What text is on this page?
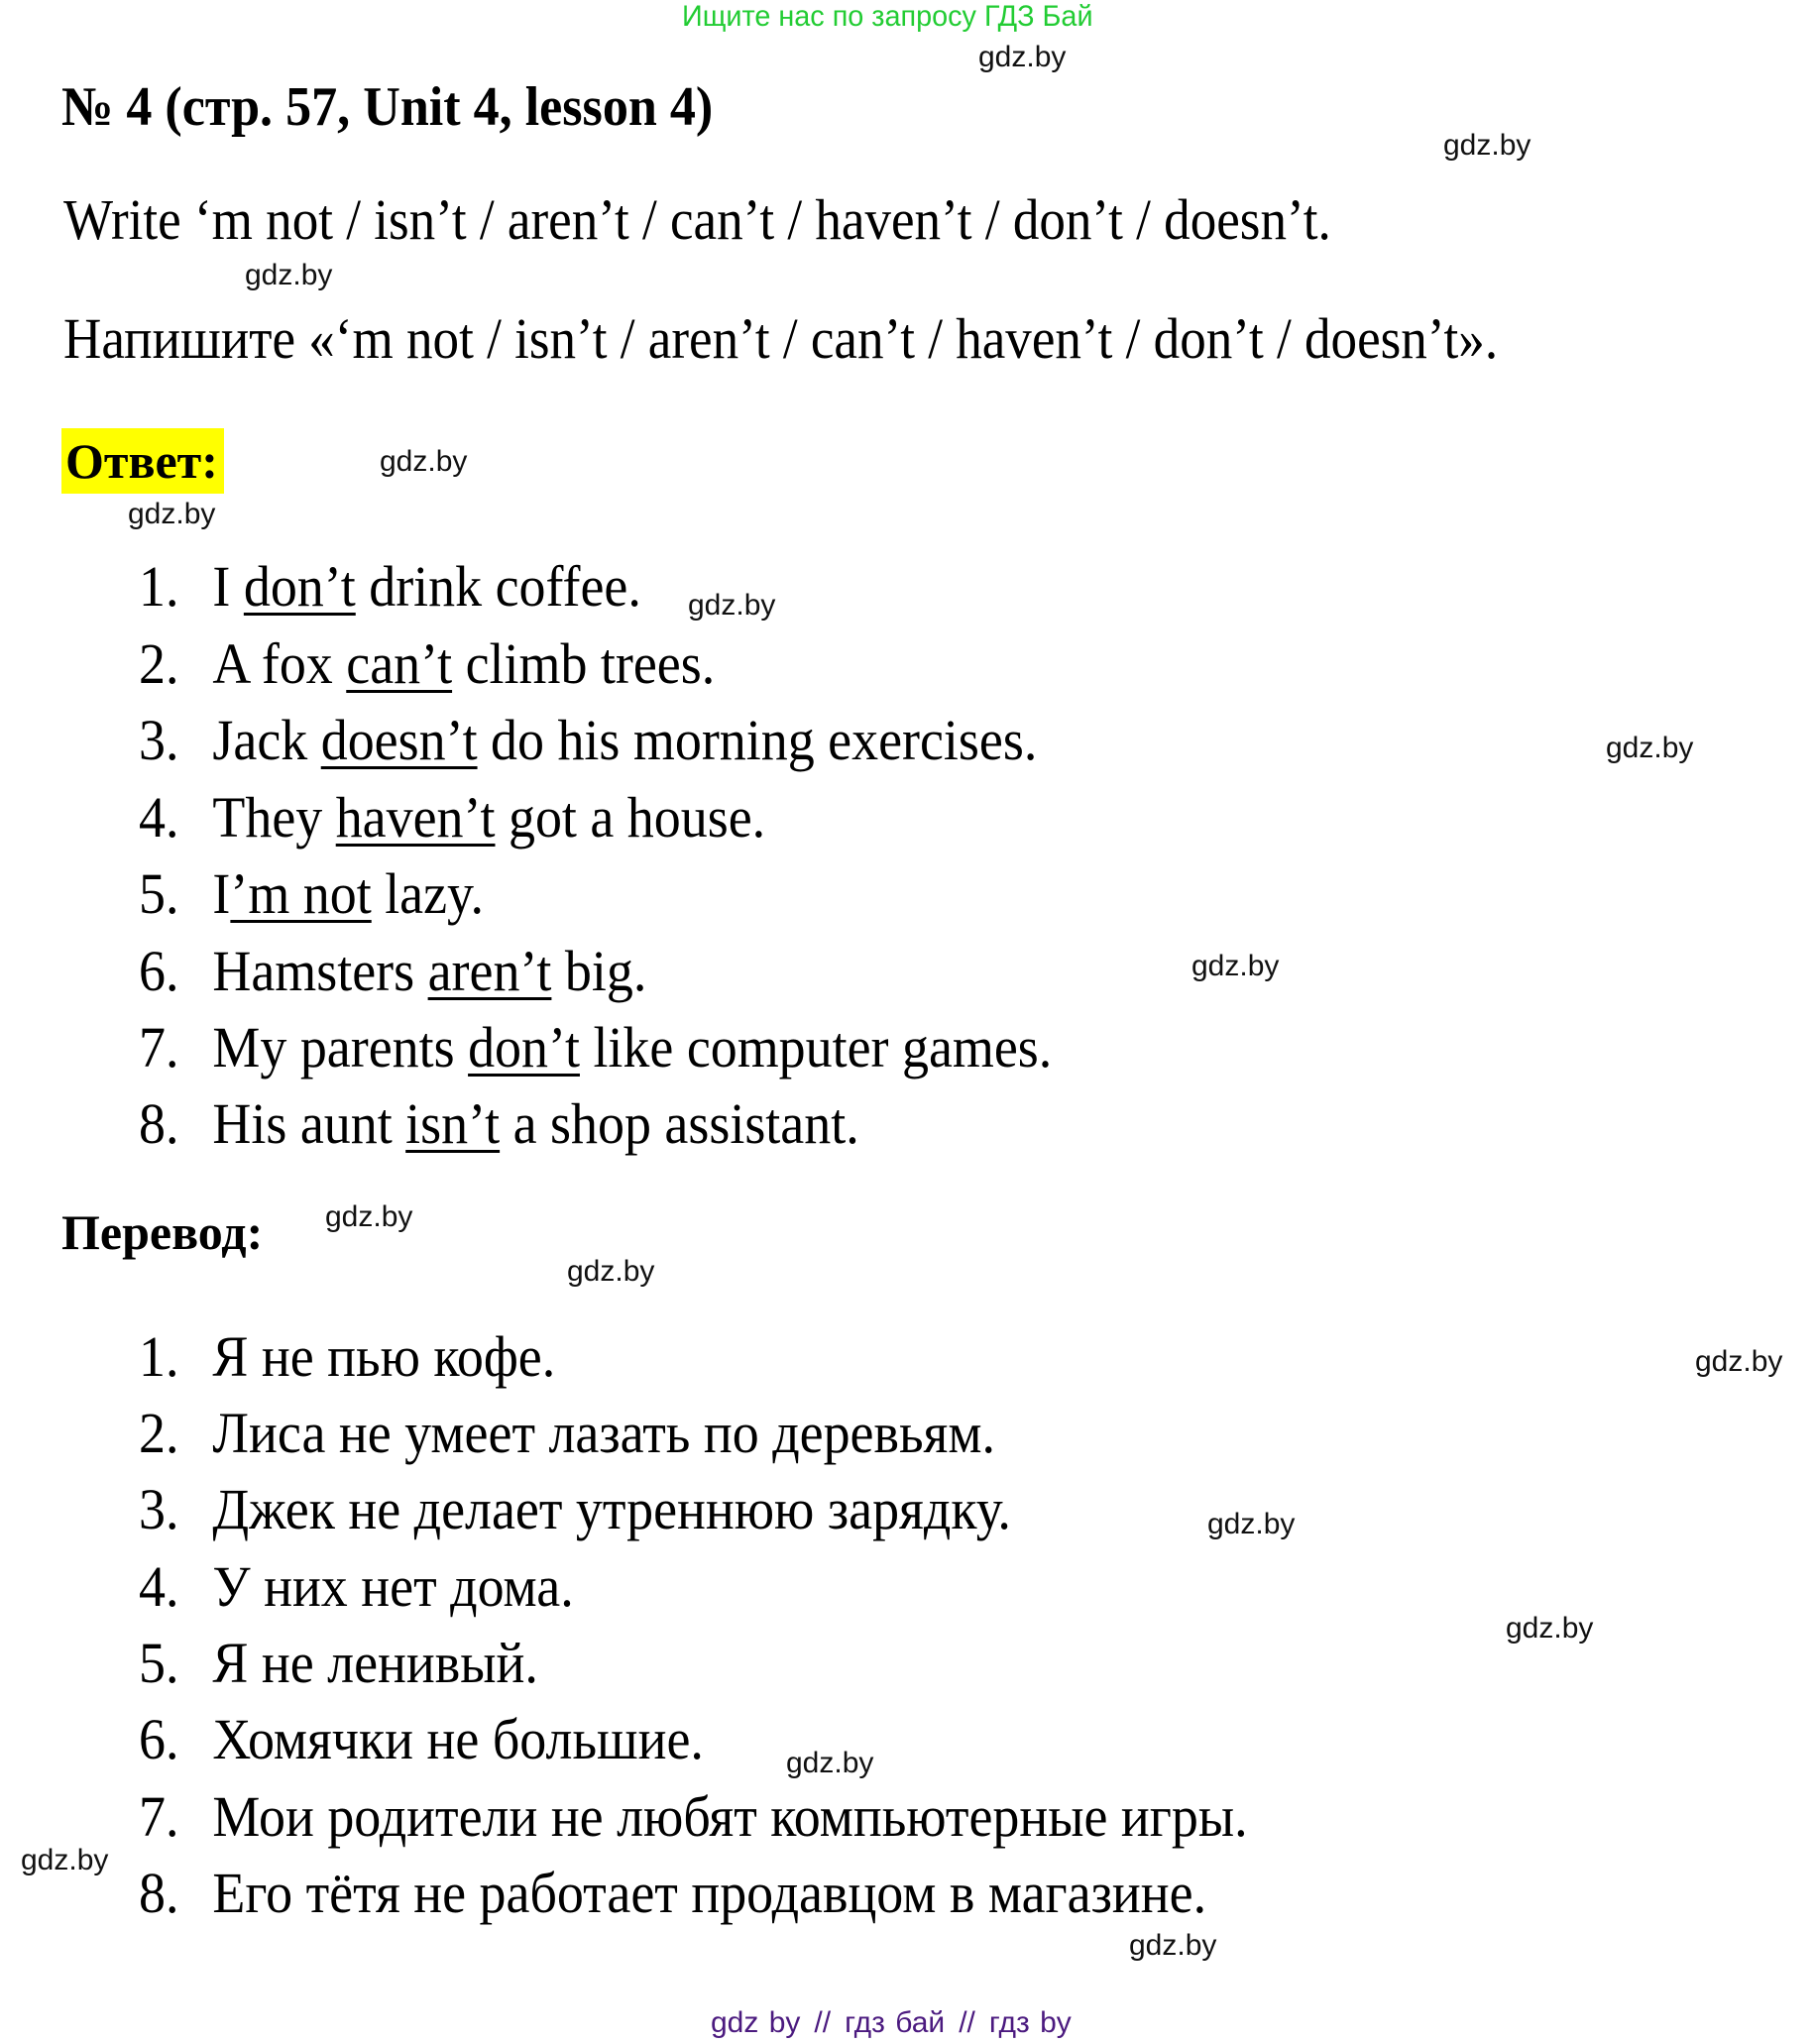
Ищите нас по запросу ГДЗ Бай
№ 4 (стр. 57, Unit 4, lesson 4)
Write ‘m not / isn’t / aren’t / can’t / haven’t / don’t / doesn’t.
Напишите «‘m not / isn’t / aren’t / can’t / haven’t / don’t / doesn’t».
Ответ:
1. I don’t drink coffee.
2. A fox can’t climb trees.
3. Jack doesn’t do his morning exercises.
4. They haven’t got a house.
5. I’m not lazy.
6. Hamsters aren’t big.
7. My parents don’t like computer games.
8. His aunt isn’t a shop assistant.
Перевод:
1. Я не пью кофе.
2. Лиса не умеет лазать по деревьям.
3. Джек не делает утреннюю зарядку.
4. У них нет дома.
5. Я не ленивый.
6. Хомячки не большие.
7. Мои родители не любят компьютерные игры.
8. Его тётя не работает продавцом в магазине.
gdz.by
gdz.by
gdz.by
gdz.by
gdz.by
gdz.by
gdz.by
gdz.by
gdz.by
gdz.by
gdz.by
gdz.by
gdz.by
gdz.by
gdz.by
gdz.by
gdz by // гдз бай // гдз by
